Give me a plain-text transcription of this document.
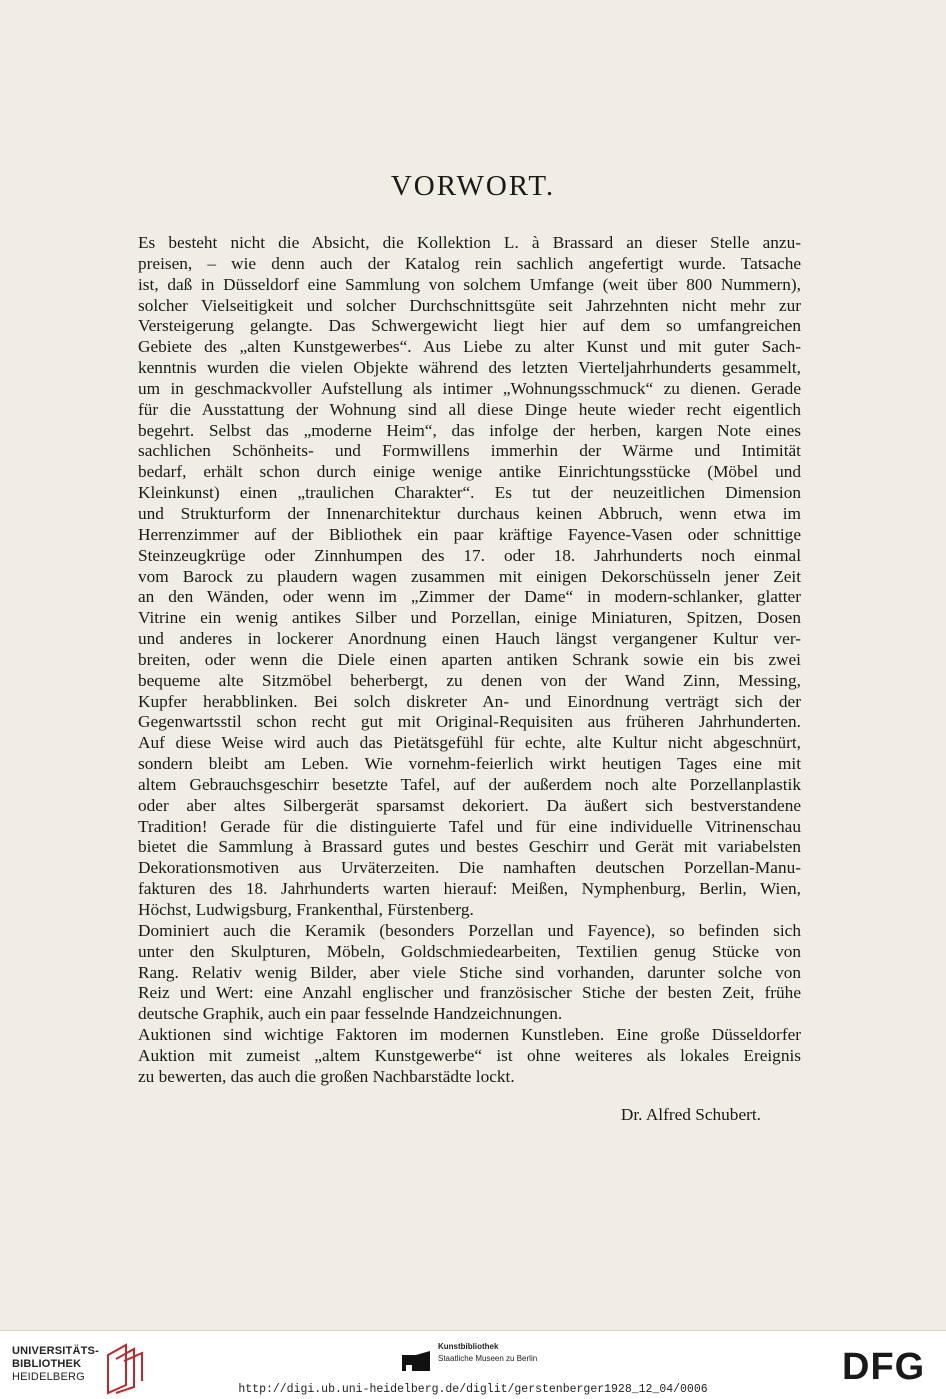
VORWORT.
Es besteht nicht die Absicht, die Kollektion L. à Brassard an dieser Stelle anzu-
preisen, – wie denn auch der Katalog rein sachlich angefertigt wurde. Tatsache
ist, daß in Düsseldorf eine Sammlung von solchem Umfange (weit über 800 Nummern),
solcher Vielseitigkeit und solcher Durchschnittsgüte seit Jahrzehnten nicht mehr zur
Versteigerung gelangte. Das Schwergewicht liegt hier auf dem so umfangreichen
Gebiete des „alten Kunstgewerbes“. Aus Liebe zu alter Kunst und mit guter Sach-
kenntnis wurden die vielen Objekte während des letzten Vierteljahrhunderts gesammelt,
um in geschmackvoller Aufstellung als intimer „Wohnungsschmuck“ zu dienen. Gerade
für die Ausstattung der Wohnung sind all diese Dinge heute wieder recht eigentlich
begehrt. Selbst das „moderne Heim“, das infolge der herben, kargen Note eines
sachlichen Schönheits- und Formwillens immerhin der Wärme und Intimität
bedarf, erhält schon durch einige wenige antike Einrichtungsstücke (Möbel und
Kleinkunst) einen „traulichen Charakter“. Es tut der neuzeitlichen Dimension
und Strukturform der Innenarchitektur durchaus keinen Abbruch, wenn etwa im
Herrenzimmer auf der Bibliothek ein paar kräftige Fayence-Vasen oder schnittige
Steinzeugkrüge oder Zinnhumpen des 17. oder 18. Jahrhunderts noch einmal
vom Barock zu plaudern wagen zusammen mit einigen Dekorschüsseln jener Zeit
an den Wänden, oder wenn im „Zimmer der Dame“ in modern-schlanker, glatter
Vitrine ein wenig antikes Silber und Porzellan, einige Miniaturen, Spitzen, Dosen
und anderes in lockerer Anordnung einen Hauch längst vergangener Kultur ver-
breiten, oder wenn die Diele einen aparten antiken Schrank sowie ein bis zwei
bequeme alte Sitzmöbel beherbergt, zu denen von der Wand Zinn, Messing,
Kupfer herabblinken. Bei solch diskreter An- und Einordnung verträgt sich der
Gegenwartsstil schon recht gut mit Original-Requisiten aus früheren Jahrhunderten.
Auf diese Weise wird auch das Pietätsgefühl für echte, alte Kultur nicht abgeschnürt,
sondern bleibt am Leben. Wie vornehm-feierlich wirkt heutigen Tages eine mit
altem Gebrauchsgeschirr besetzte Tafel, auf der außerdem noch alte Porzellanplastik
oder aber altes Silbergerät sparsamst dekoriert. Da äußert sich bestverstandene
Tradition! Gerade für die distinguierte Tafel und für eine individuelle Vitrinenschau
bietet die Sammlung à Brassard gutes und bestes Geschirr und Gerät mit variabelsten
Dekorationsmotiven aus Urväterzeiten. Die namhaften deutschen Porzellan-Manu-
fakturen des 18. Jahrhunderts warten hierauf: Meißen, Nymphenburg, Berlin, Wien,
Höchst, Ludwigsburg, Frankenthal, Fürstenberg.
Dominiert auch die Keramik (besonders Porzellan und Fayence), so befinden sich
unter den Skulpturen, Möbeln, Goldschmiedearbeiten, Textilien genug Stücke von
Rang. Relativ wenig Bilder, aber viele Stiche sind vorhanden, darunter solche von
Reiz und Wert: eine Anzahl englischer und französischer Stiche der besten Zeit, frühe
deutsche Graphik, auch ein paar fesselnde Handzeichnungen.
Auktionen sind wichtige Faktoren im modernen Kunstleben. Eine große Düsseldorfer
Auktion mit zumeist „altem Kunstgewerbe“ ist ohne weiteres als lokales Ereignis
zu bewerten, das auch die großen Nachbarstädte lockt.

Dr. Alfred Schubert.

UNIVERSITÄTS-
BIBLIOTHEK
HEIDELBERG
Kunstbibliothek
Staatliche Museen zu Berlin	DFG
http://digi.ub.uni-heidelberg.de/diglit/gerstenberger1928_12_04/0006
